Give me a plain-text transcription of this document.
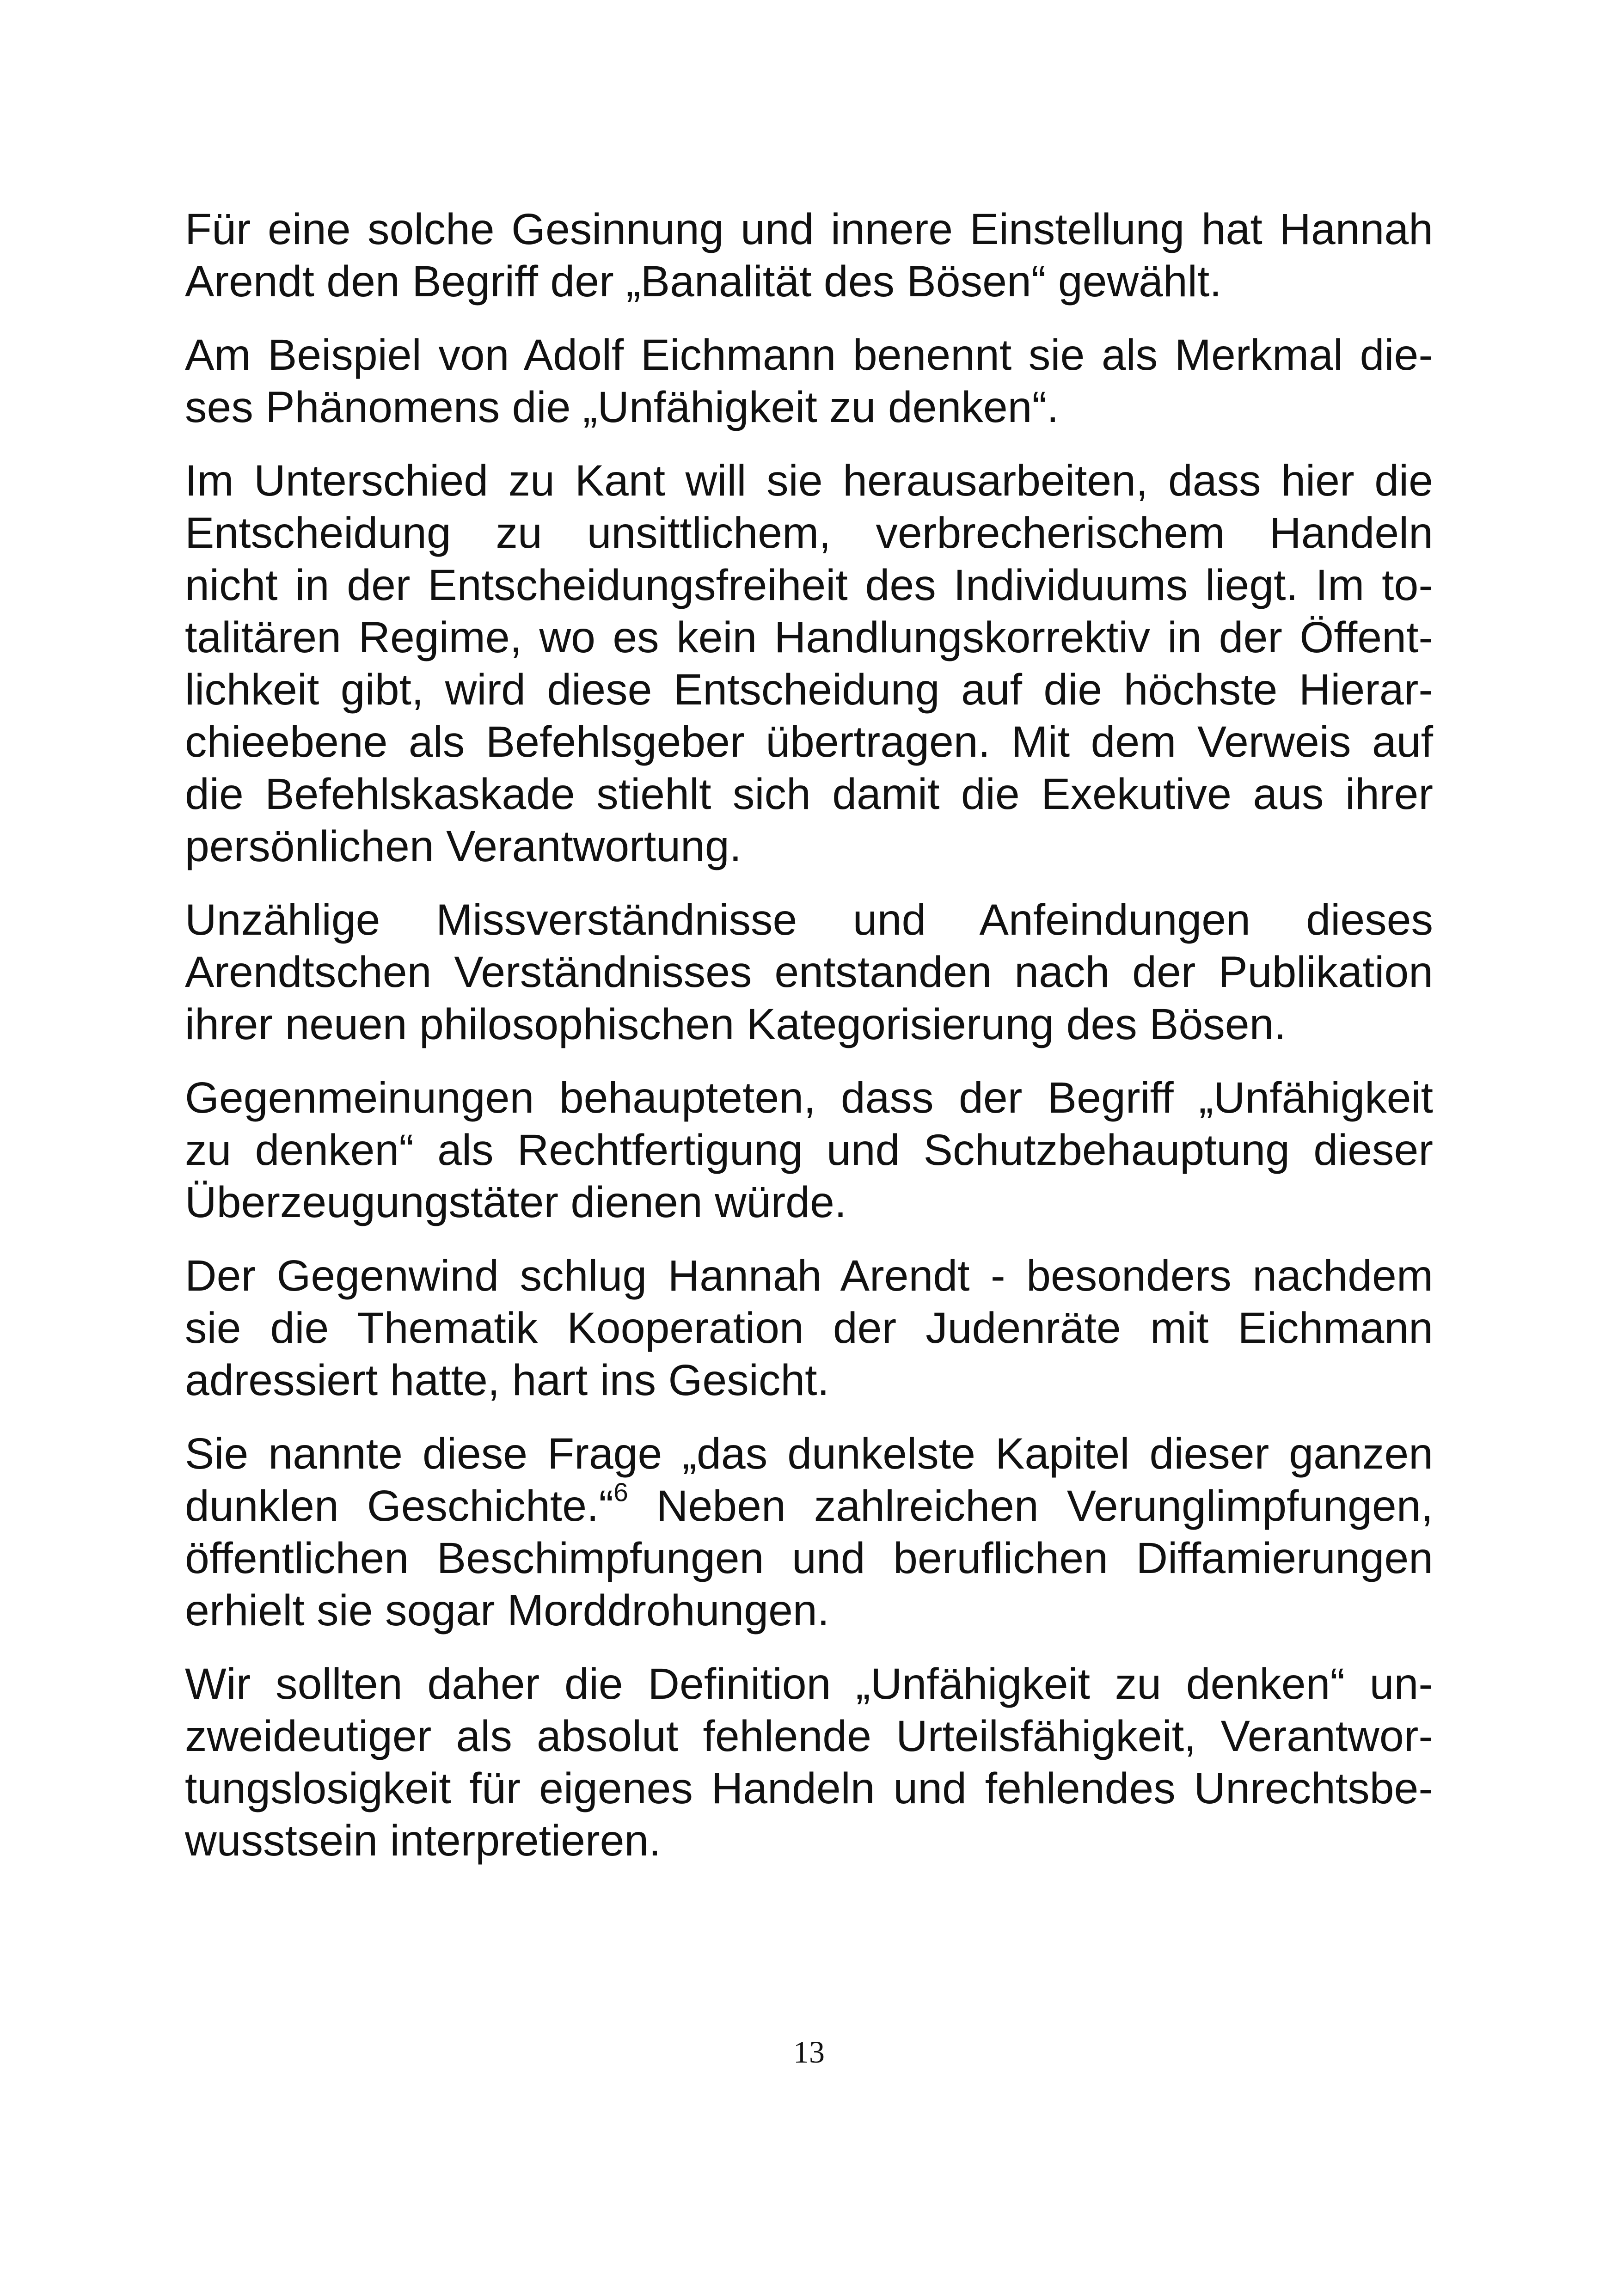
Für eine solche Gesinnung und innere Einstellung hat Hannah
Arendt den Begriff der „Banalität des Bösen“ gewählt.

Am Beispiel von Adolf Eichmann benennt sie als Merkmal die-
ses Phänomens die „Unfähigkeit zu denken“.

Im Unterschied zu Kant will sie herausarbeiten, dass hier die
Entscheidung zu unsittlichem, verbrecherischem Handeln
nicht in der Entscheidungsfreiheit des Individuums liegt. Im to-
talitären Regime, wo es kein Handlungskorrektiv in der Öffent-
lichkeit gibt, wird diese Entscheidung auf die höchste Hierar-
chieebene als Befehlsgeber übertragen. Mit dem Verweis auf
die Befehlskaskade stiehlt sich damit die Exekutive aus ihrer
persönlichen Verantwortung.

Unzählige Missverständnisse und Anfeindungen dieses
Arendtschen Verständnisses entstanden nach der Publikation
ihrer neuen philosophischen Kategorisierung des Bösen.

Gegenmeinungen behaupteten, dass der Begriff „Unfähigkeit
zu denken“ als Rechtfertigung und Schutzbehauptung dieser
Überzeugungstäter dienen würde.

Der Gegenwind schlug Hannah Arendt - besonders nachdem
sie die Thematik Kooperation der Judenräte mit Eichmann
adressiert hatte, hart ins Gesicht.

Sie nannte diese Frage „das dunkelste Kapitel dieser ganzen
dunklen Geschichte.“$^6$ Neben zahlreichen Verunglimpfungen,
öffentlichen Beschimpfungen und beruflichen Diffamierungen
erhielt sie sogar Morddrohungen.

Wir sollten daher die Definition „Unfähigkeit zu denken“ un-
zweideutiger als absolut fehlende Urteilsfähigkeit, Verantwor-
tungslosigkeit für eigenes Handeln und fehlendes Unrechtsbe-
wusstsein interpretieren.

13
